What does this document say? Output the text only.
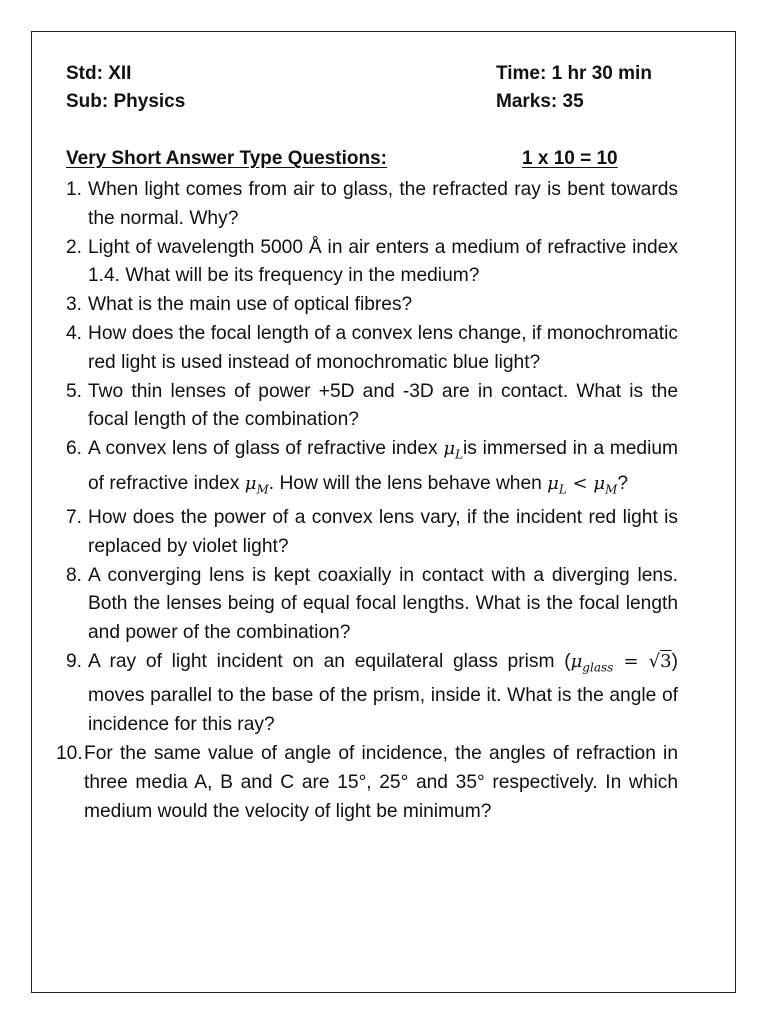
Std: XII
Sub: Physics
Time: 1 hr 30 min
Marks: 35
Very Short Answer Type Questions:	1 x 10 = 10
1. When light comes from air to glass, the refracted ray is bent towards the normal. Why?
2. Light of wavelength 5000 Å in air enters a medium of refractive index 1.4. What will be its frequency in the medium?
3. What is the main use of optical fibres?
4. How does the focal length of a convex lens change, if monochromatic red light is used instead of monochromatic blue light?
5. Two thin lenses of power +5D and -3D are in contact. What is the focal length of the combination?
6. A convex lens of glass of refractive index $\mu_Lis$ immersed in a medium of refractive index $\mu_M$. How will the lens behave when $\mu_L < \mu_M$?
7. How does the power of a convex lens vary, if the incident red light is replaced by violet light?
8. A converging lens is kept coaxially in contact with a diverging lens. Both the lenses being of equal focal lengths. What is the focal length and power of the combination?
9. A ray of light incident on an equilateral glass prism $(\mu_{glass} = √3)$ moves parallel to the base of the prism, inside it. What is the angle of incidence for this ray?
10. For the same value of angle of incidence, the angles of refraction in three media A, B and C are 15°, 25° and 35° respectively. In which medium would the velocity of light be minimum?
